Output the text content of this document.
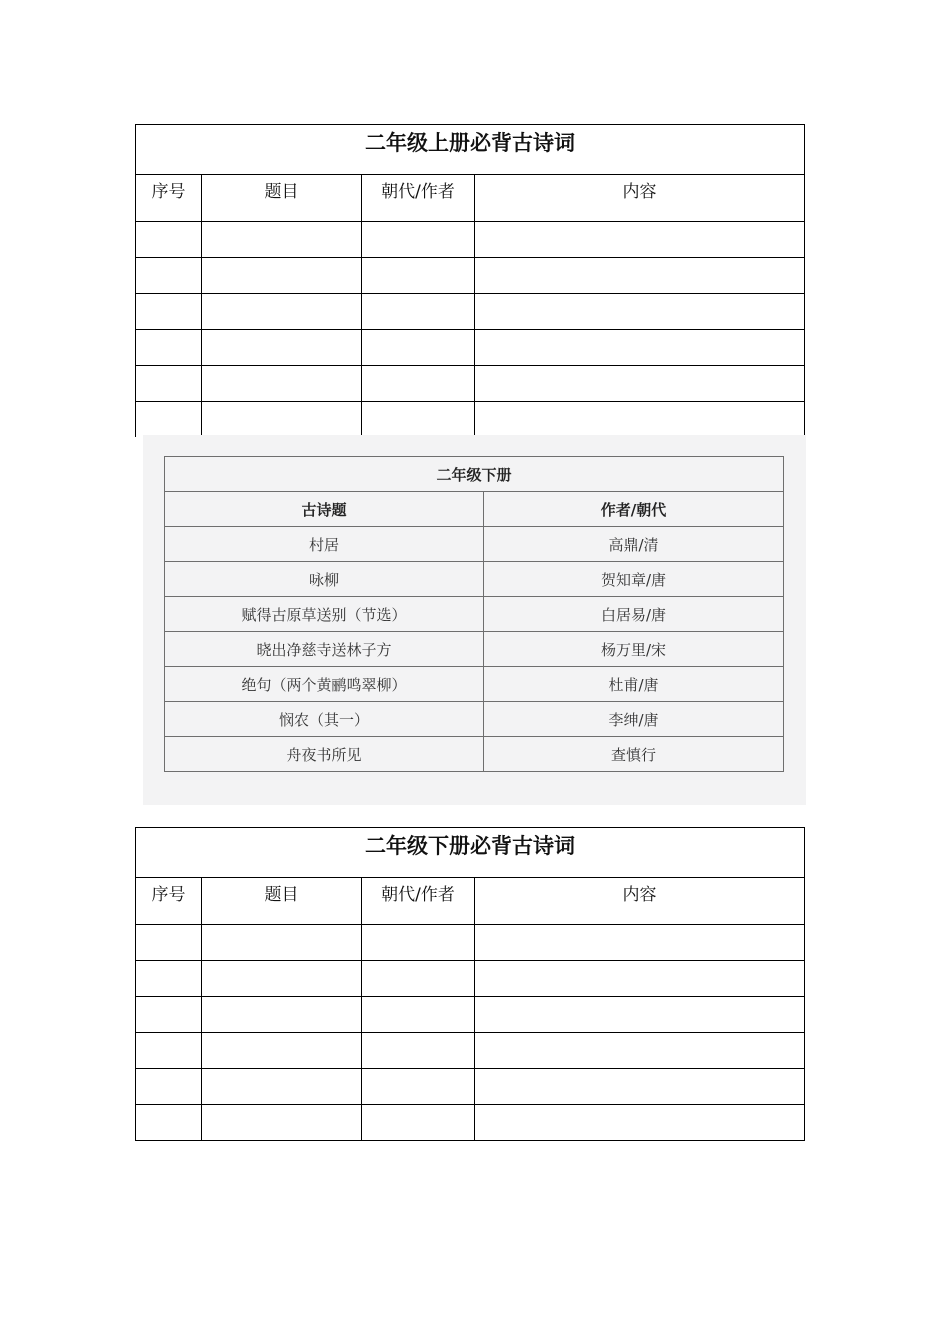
二年级上册必背古诗词			
序号	题目	朝代/作者	内容

二年级下册	
古诗题	作者/朝代
村居	高鼎/清
咏柳	贺知章/唐
赋得古原草送别（节选）	白居易/唐
晓出净慈寺送林子方	杨万里/宋
绝句（两个黄鹂鸣翠柳）	杜甫/唐
悯农（其一）	李绅/唐
舟夜书所见	查慎行
二年级下册必背古诗词			
序号	题目	朝代/作者	内容
